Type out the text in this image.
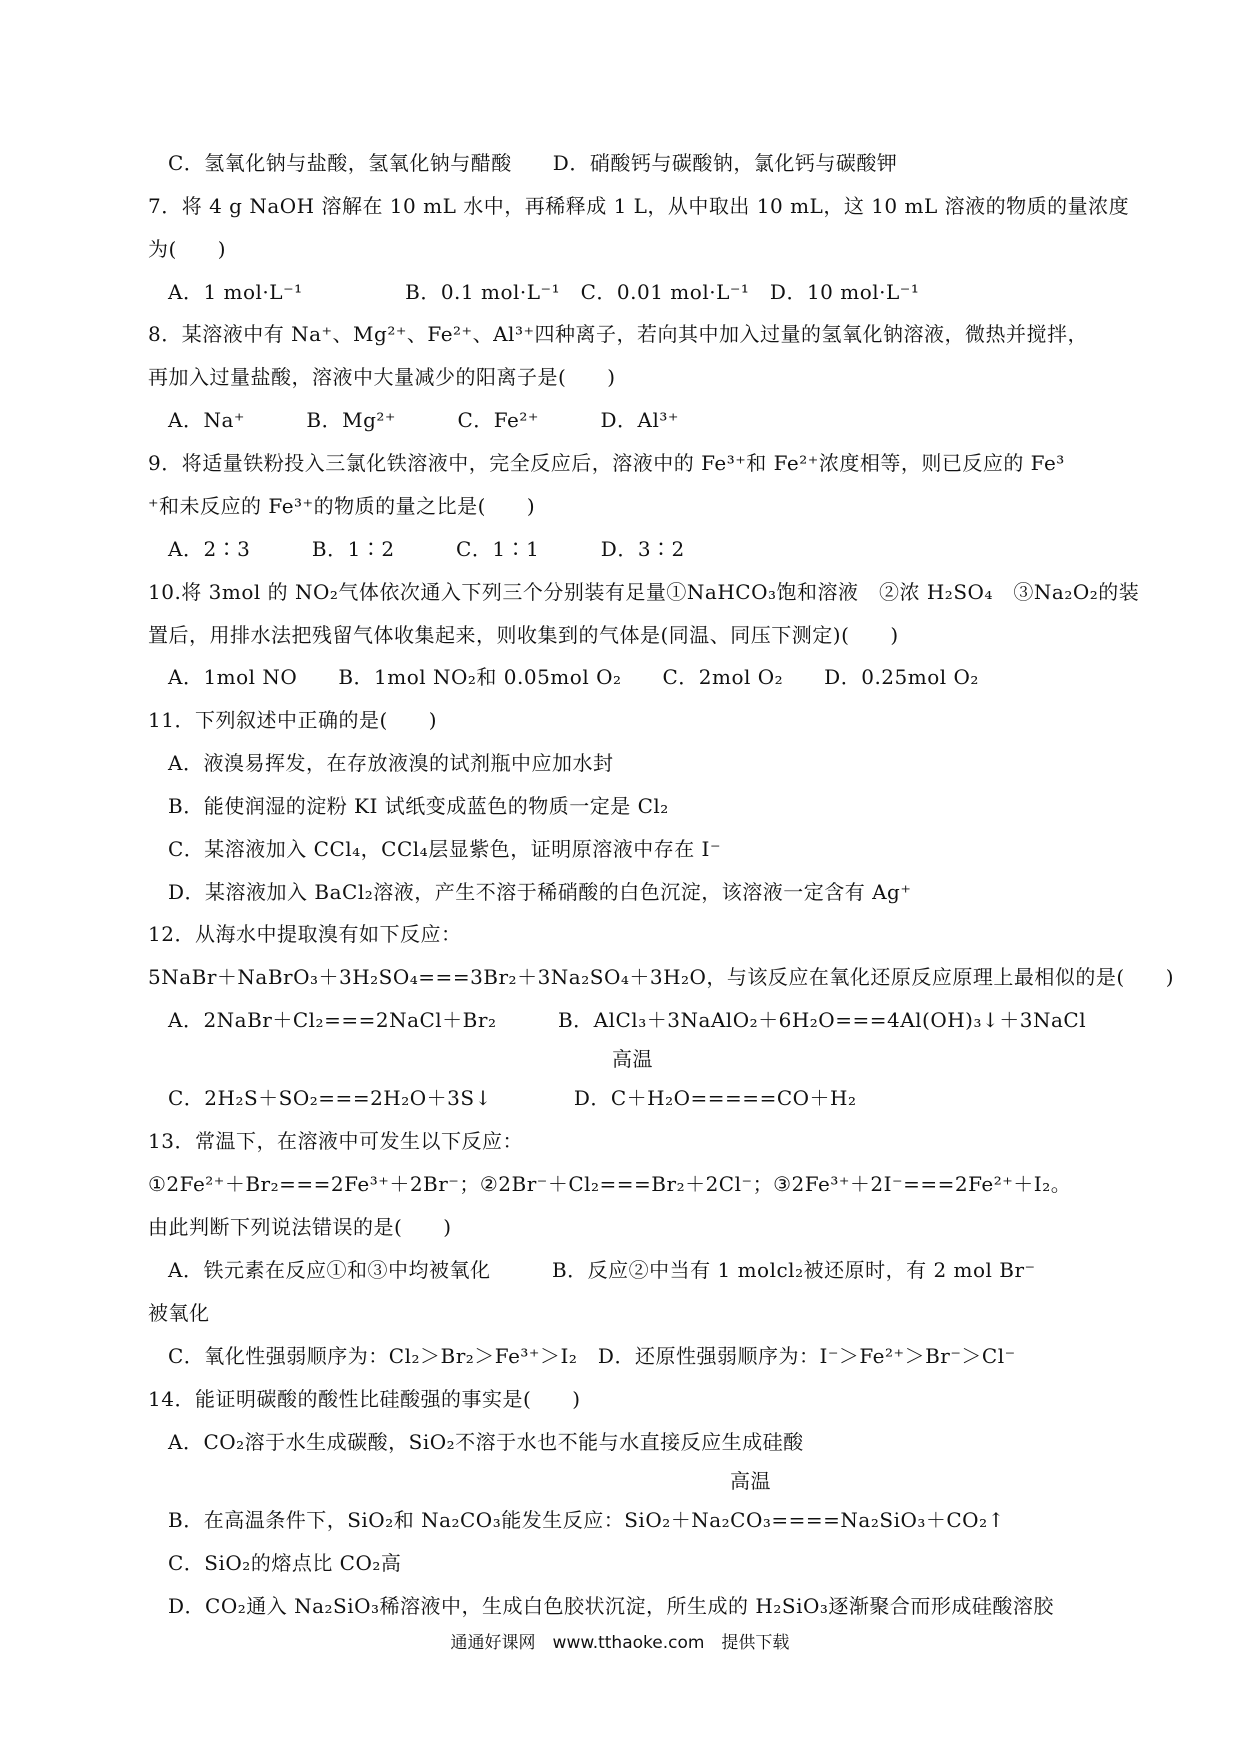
C．氢氧化钠与盐酸，氢氧化钠与醋酸　　D．硝酸钙与碳酸钠，氯化钙与碳酸钾
7．将 4 g NaOH 溶解在 10 mL 水中，再稀释成 1 L，从中取出 10 mL，这 10 mL 溶液的物质的量浓度
为(　　)
A．1 mol·L⁻¹　　　　　B．0.1 mol·L⁻¹　C．0.01 mol·L⁻¹　D．10 mol·L⁻¹
8．某溶液中有 Na⁺、Mg²⁺、Fe²⁺、Al³⁺四种离子，若向其中加入过量的氢氧化钠溶液，微热并搅拌，
再加入过量盐酸，溶液中大量减少的阳离子是(　　)
A．Na⁺　　　B．Mg²⁺　　　C．Fe²⁺　　　D．Al³⁺
9．将适量铁粉投入三氯化铁溶液中，完全反应后，溶液中的 Fe³⁺和 Fe²⁺浓度相等，则已反应的 Fe³
⁺和未反应的 Fe³⁺的物质的量之比是(　　)
A．2∶3　　　B．1∶2　　　C．1∶1　　　D．3∶2
10.将 3mol 的 NO₂气体依次通入下列三个分别装有足量①NaHCO₃饱和溶液　②浓 H₂SO₄　③Na₂O₂的装
置后，用排水法把残留气体收集起来，则收集到的气体是(同温、同压下测定)(　　)
A．1mol NO　　B．1mol NO₂和 0.05mol O₂　　C．2mol O₂　　D．0.25mol O₂
11．下列叙述中正确的是(　　)
A．液溴易挥发，在存放液溴的试剂瓶中应加水封
B．能使润湿的淀粉 KI 试纸变成蓝色的物质一定是 Cl₂
C．某溶液加入 CCl₄，CCl₄层显紫色，证明原溶液中存在 I⁻
D．某溶液加入 BaCl₂溶液，产生不溶于稀硝酸的白色沉淀，该溶液一定含有 Ag⁺
12．从海水中提取溴有如下反应：
5NaBr＋NaBrO₃＋3H₂SO₄===3Br₂＋3Na₂SO₄＋3H₂O，与该反应在氧化还原反应原理上最相似的是(　　)
A．2NaBr＋Cl₂===2NaCl＋Br₂　　　B．AlCl₃＋3NaAlO₂＋6H₂O===4Al(OH)₃↓＋3NaCl
高温
C．2H₂S＋SO₂===2H₂O＋3S↓　　　　D．C＋H₂O=====CO＋H₂
13．常温下，在溶液中可发生以下反应：
①2Fe²⁺＋Br₂===2Fe³⁺＋2Br⁻；②2Br⁻＋Cl₂===Br₂＋2Cl⁻；③2Fe³⁺＋2I⁻===2Fe²⁺＋I₂。
由此判断下列说法错误的是(　　)
A．铁元素在反应①和③中均被氧化　　　B．反应②中当有 1 molcl₂被还原时，有 2 mol Br⁻
被氧化
C．氧化性强弱顺序为：Cl₂＞Br₂＞Fe³⁺＞I₂　D．还原性强弱顺序为：I⁻＞Fe²⁺＞Br⁻＞Cl⁻
14．能证明碳酸的酸性比硅酸强的事实是(　　)
A．CO₂溶于水生成碳酸，SiO₂不溶于水也不能与水直接反应生成硅酸
高温
B．在高温条件下，SiO₂和 Na₂CO₃能发生反应：SiO₂＋Na₂CO₃====Na₂SiO₃＋CO₂↑
C．SiO₂的熔点比 CO₂高
D．CO₂通入 Na₂SiO₃稀溶液中，生成白色胶状沉淀，所生成的 H₂SiO₃逐渐聚合而形成硅酸溶胶
通通好课网　www.tthaoke.com　提供下载
